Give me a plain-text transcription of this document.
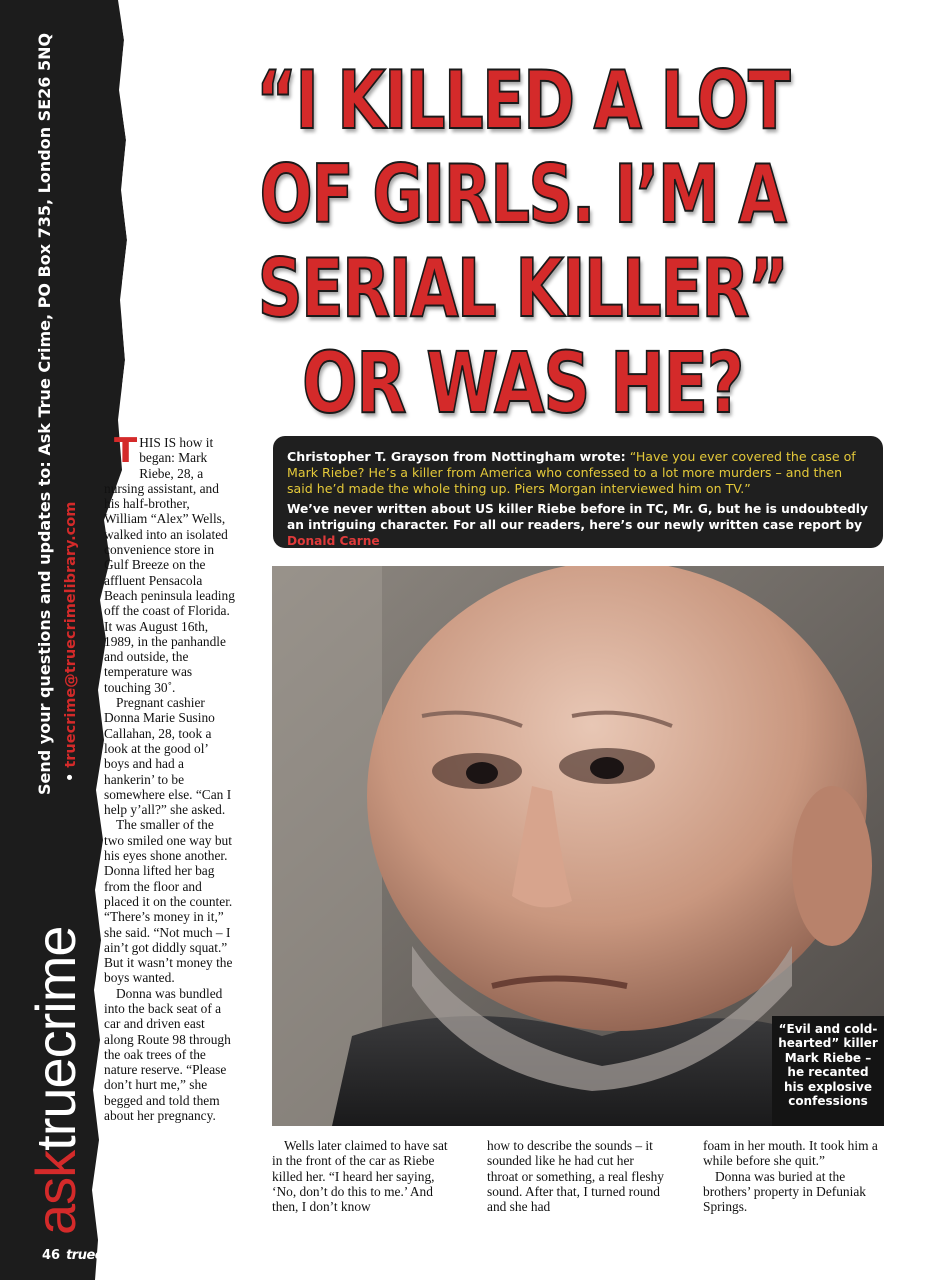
asktruecrime
Send your questions and updates to: Ask True Crime, PO Box 735, London SE26 5NQ • truecrime@truecrimelibrary.com
46 truecrime
“I KILLED A LOT
OF GIRLS. I’M A
SERIAL KILLER”
OR WAS HE?

THIS IS how it began: Mark Riebe, 28, a nursing assistant, and his half-brother, William “Alex” Wells, walked into an isolated convenience store in Gulf Breeze on the affluent Pensacola Beach peninsula leading off the coast of Florida. It was August 16th, 1989, in the panhandle and outside, the temperature was touching 30˚.

Pregnant cashier Donna Marie Susino Callahan, 28, took a look at the good ol’ boys and had a hankerin’ to be somewhere else. “Can I help y’all?” she asked.

The smaller of the two smiled one way but his eyes shone another. Donna lifted her bag from the floor and placed it on the counter. “There’s money in it,” she said. “Not much – I ain’t got diddly squat.” But it wasn’t money the boys wanted.

Donna was bundled into the back seat of a car and driven east along Route 98 through the oak trees of the nature reserve. “Please don’t hurt me,” she begged and told them about her pregnancy.

Christopher T. Grayson from Nottingham wrote: “Have you ever covered the case of Mark Riebe? He’s a killer from America who confessed to a lot more murders – and then said he’d made the whole thing up. Piers Morgan interviewed him on TV.”
We’ve never written about US killer Riebe before in TC, Mr. G, but he is undoubtedly an intriguing character. For all our readers, here’s our newly written case report by Donald Carne
“Evil and cold-hearted” killer Mark Riebe – he recanted his explosive confessions

Wells later claimed to have sat in the front of the car as Riebe killed her. “I heard her saying, ‘No, don’t do this to me.’ And then, I don’t know

how to describe the sounds – it sounded like he had cut her throat or something, a real fleshy sound. After that, I turned round and she had

foam in her mouth. It took him a while before she quit.”

Donna was buried at the brothers’ property in Defuniak Springs.
